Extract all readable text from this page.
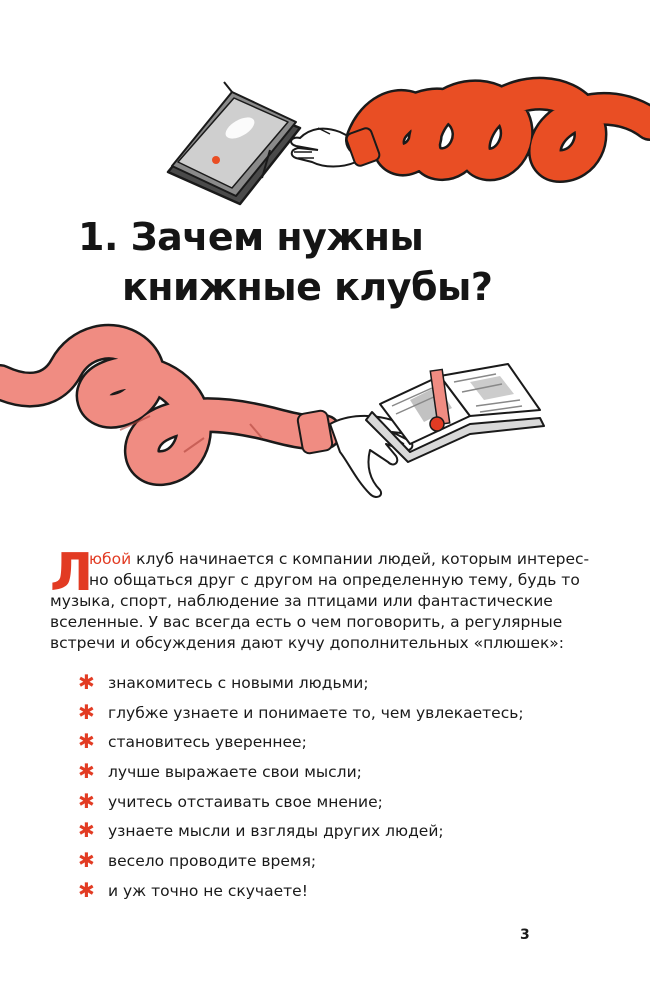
1. Зачем нужны
книжные клубы?
Л
юбой клуб начинается с компании людей, которым интерес-
но общаться друг с другом на определенную тему, будь то
музыка, спорт, наблюдение за птицами или фантастические
вселенные. У вас всегда есть о чем поговорить, а регулярные
встречи и обсуждения дают кучу дополнительных «плюшек»:
✱ знакомитесь с новыми людьми;
✱ глубже узнаете и понимаете то, чем увлекаетесь;
✱ становитесь увереннее;
✱ лучше выражаете свои мысли;
✱ учитесь отстаивать свое мнение;
✱ узнаете мысли и взгляды других людей;
✱ весело проводите время;
✱ и уж точно не скучаете!
3
